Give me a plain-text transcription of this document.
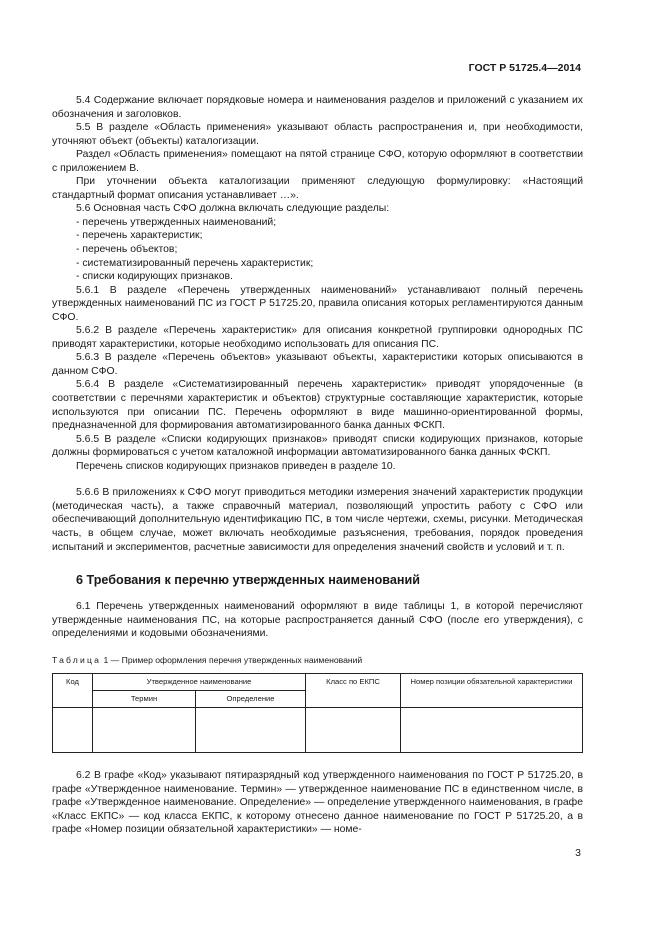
ГОСТ Р 51725.4—2014

5.4 Содержание включает порядковые номера и наименования разделов и приложений с указанием их обозначения и заголовков.

5.5 В разделе «Область применения» указывают область распространения и, при необходимости, уточняют объект (объекты) каталогизации.

Раздел «Область применения» помещают на пятой странице СФО, которую оформляют в соответствии с приложением В.

При уточнении объекта каталогизации применяют следующую формулировку: «Настоящий стандартный формат описания устанавливает …».

5.6 Основная часть СФО должна включать следующие разделы:

- перечень утвержденных наименований;

- перечень характеристик;

- перечень объектов;

- систематизированный перечень характеристик;

- списки кодирующих признаков.

5.6.1 В разделе «Перечень утвержденных наименований» устанавливают полный перечень утвержденных наименований ПС из ГОСТ Р 51725.20, правила описания которых регламентируются данным СФО.

5.6.2 В разделе «Перечень характеристик» для описания конкретной группировки однородных ПС приводят характеристики, которые необходимо использовать для описания ПС.

5.6.3 В разделе «Перечень объектов» указывают объекты, характеристики которых описываются в данном СФО.

5.6.4 В разделе «Систематизированный перечень характеристик» приводят упорядоченные (в соответствии с перечнями характеристик и объектов) структурные составляющие характеристик, которые используются при описании ПС. Перечень оформляют в виде машинно-ориентированной формы, предназначенной для формирования автоматизированного банка данных ФСКП.

5.6.5 В разделе «Списки кодирующих признаков» приводят списки кодирующих признаков, которые должны формироваться с учетом каталожной информации автоматизированного банка данных ФСКП.

Перечень списков кодирующих признаков приведен в разделе 10.

5.6.6 В приложениях к СФО могут приводиться методики измерения значений характеристик продукции (методическая часть), а также справочный материал, позволяющий упростить работу с СФО или обеспечивающий дополнительную идентификацию ПС, в том числе чертежи, схемы, рисунки. Методическая часть, в общем случае, может включать необходимые разъяснения, требования, порядок проведения испытаний и экспериментов, расчетные зависимости для определения значений свойств и условий и т. п.

6 Требования к перечню утвержденных наименований

6.1 Перечень утвержденных наименований оформляют в виде таблицы 1, в которой перечисляют утвержденные наименования ПС, на которые распространяется данный СФО (после его утверждения), с определениями и кодовыми обозначениями.

Таблица 1 — Пример оформления перечня утвержденных наименований

Код	Утвержденное наименование		Класс по ЕКПС	Номер позиции обязательной характеристики
	Термин	Определение		

6.2 В графе «Код» указывают пятиразрядный код утвержденного наименования по ГОСТ Р 51725.20, в графе «Утвержденное наименование. Термин» — утвержденное наименование ПС в единственном числе, в графе «Утвержденное наименование. Определение» — определение утвержденного наименования, в графе «Класс ЕКПС» — код класса ЕКПС, к которому отнесено данное наименование по ГОСТ Р 51725.20, а в графе «Номер позиции обязательной характеристики» — номе-

3
